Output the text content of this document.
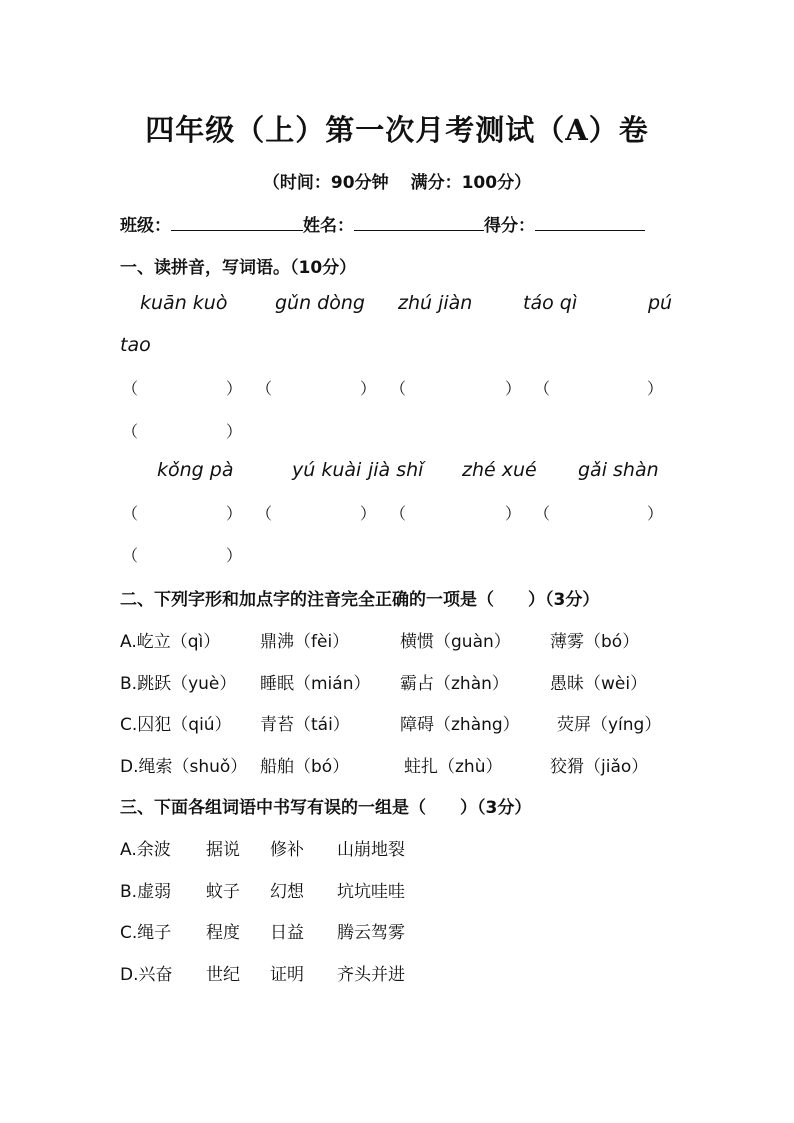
四年级（上）第一次月考测试（A）卷
（时间：90分钟 满分：100分）
班级：	姓名：	得分：
一、读拼音，写词语。（10分）
kuān kuò	gǔn dòng zhú jiàn	táo qì	pú
tao
（	） （	） （	） （	）
（	）
kǒng pà	yú kuài jià shǐ zhé xué gǎi shàn
（	） （	） （	） （	）
（	）
二、下列字形和加点字的注音完全正确的一项是（　　）（3分）
A.屹立（qì） 鼎沸（fèi）	横惯（guàn） 薄雾（bó）
B.跳跃（yuè） 睡眠（mián） 霸占（zhàn） 愚昧（wèi）
C.囚犯（qiú） 青苔（tái）	障碍（zhàng） 荧屏（yíng）
D.绳索（shuǒ） 船舶（bó）	蛀扎（zhù）	狡猾（jiǎo）
三、下面各组词语中书写有误的一组是（　　）（3分）
A.余波 据说 修补 山崩地裂
B.虚弱 蚊子 幻想 坑坑哇哇
C.绳子 程度 日益 腾云驾雾
D.兴奋 世纪 证明 齐头并进
